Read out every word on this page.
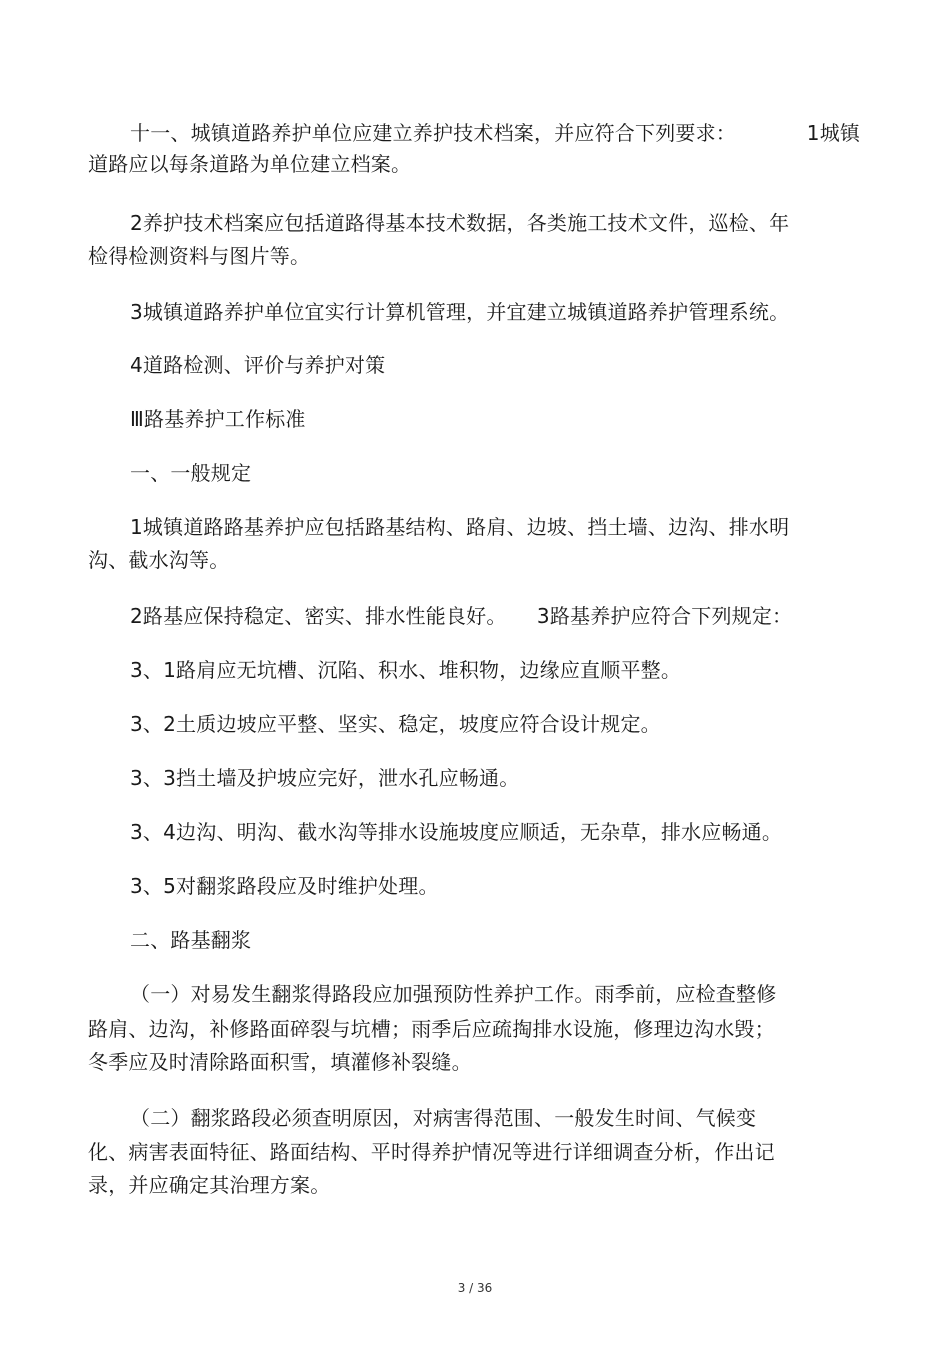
十一、城镇道路养护单位应建立养护技术档案，并应符合下列要求：　　　　1城镇
道路应以每条道路为单位建立档案。
2养护技术档案应包括道路得基本技术数据，各类施工技术文件，巡检、年
检得检测资料与图片等。
3城镇道路养护单位宜实行计算机管理，并宜建立城镇道路养护管理系统。
4道路检测、评价与养护对策
Ⅲ路基养护工作标准
一、一般规定
1城镇道路路基养护应包括路基结构、路肩、边坡、挡土墙、边沟、排水明
沟、截水沟等。
2路基应保持稳定、密实、排水性能良好。　　3路基养护应符合下列规定：
3、1路肩应无坑槽、沉陷、积水、堆积物，边缘应直顺平整。
3、2土质边坡应平整、坚实、稳定，坡度应符合设计规定。
3、3挡土墙及护坡应完好，泄水孔应畅通。
3、4边沟、明沟、截水沟等排水设施坡度应顺适，无杂草，排水应畅通。
3、5对翻浆路段应及时维护处理。
二、路基翻浆
（一）对易发生翻浆得路段应加强预防性养护工作。雨季前，应检查整修
路肩、边沟，补修路面碎裂与坑槽；雨季后应疏掏排水设施，修理边沟水毁；
冬季应及时清除路面积雪，填灌修补裂缝。
（二）翻浆路段必须查明原因，对病害得范围、一般发生时间、气候变
化、病害表面特征、路面结构、平时得养护情况等进行详细调查分析，作出记
录，并应确定其治理方案。
3 / 36
